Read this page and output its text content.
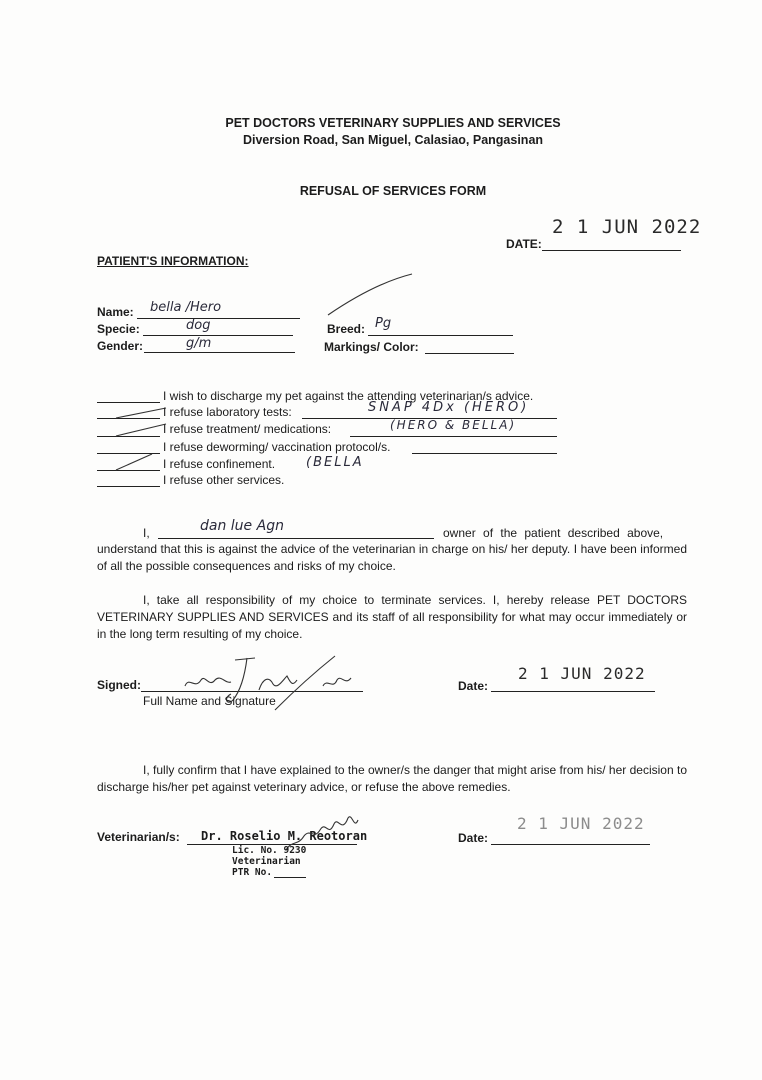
PET DOCTORS VETERINARY SUPPLIES AND SERVICES
Diversion Road, San Miguel, Calasiao, Pangasinan
REFUSAL OF SERVICES FORM
2 1 JUN 2022
DATE:
PATIENT'S INFORMATION:
Name: bella /Hero
Specie:	dog
Gender:	g/m
Breed: Pg
Markings/ Color:
I wish to discharge my pet against the attending veterinarian/s advice.
I refuse laboratory tests:	SNAP 4Dx (HERO)
I refuse treatment/ medications:	(HERO & BELLA)
I refuse deworming/ vaccination protocol/s.
I refuse confinement. (BELLA
I refuse other services.
I,	dan lue Agn	owner of the patient described above,
understand that this is against the advice of the veterinarian in charge on his/ her deputy. I have been informed of all the possible consequences and risks of my choice.
I, take all responsibility of my choice to terminate services. I, hereby release PET DOCTORS VETERINARY SUPPLIES AND SERVICES and its staff of all responsibility for what may occur immediately or in the long term resulting of my choice.
Signed:
Full Name and Signature
Date:
2 1 JUN 2022
I, fully confirm that I have explained to the owner/s the danger that might arise from his/ her decision to discharge his/her pet against veterinary advice, or refuse the above remedies.
Veterinarian/s: Dr. Roselio M. Reotoran
Lic. No. 9230
Veterinarian
PTR No.
Date:
2 1 JUN 2022
